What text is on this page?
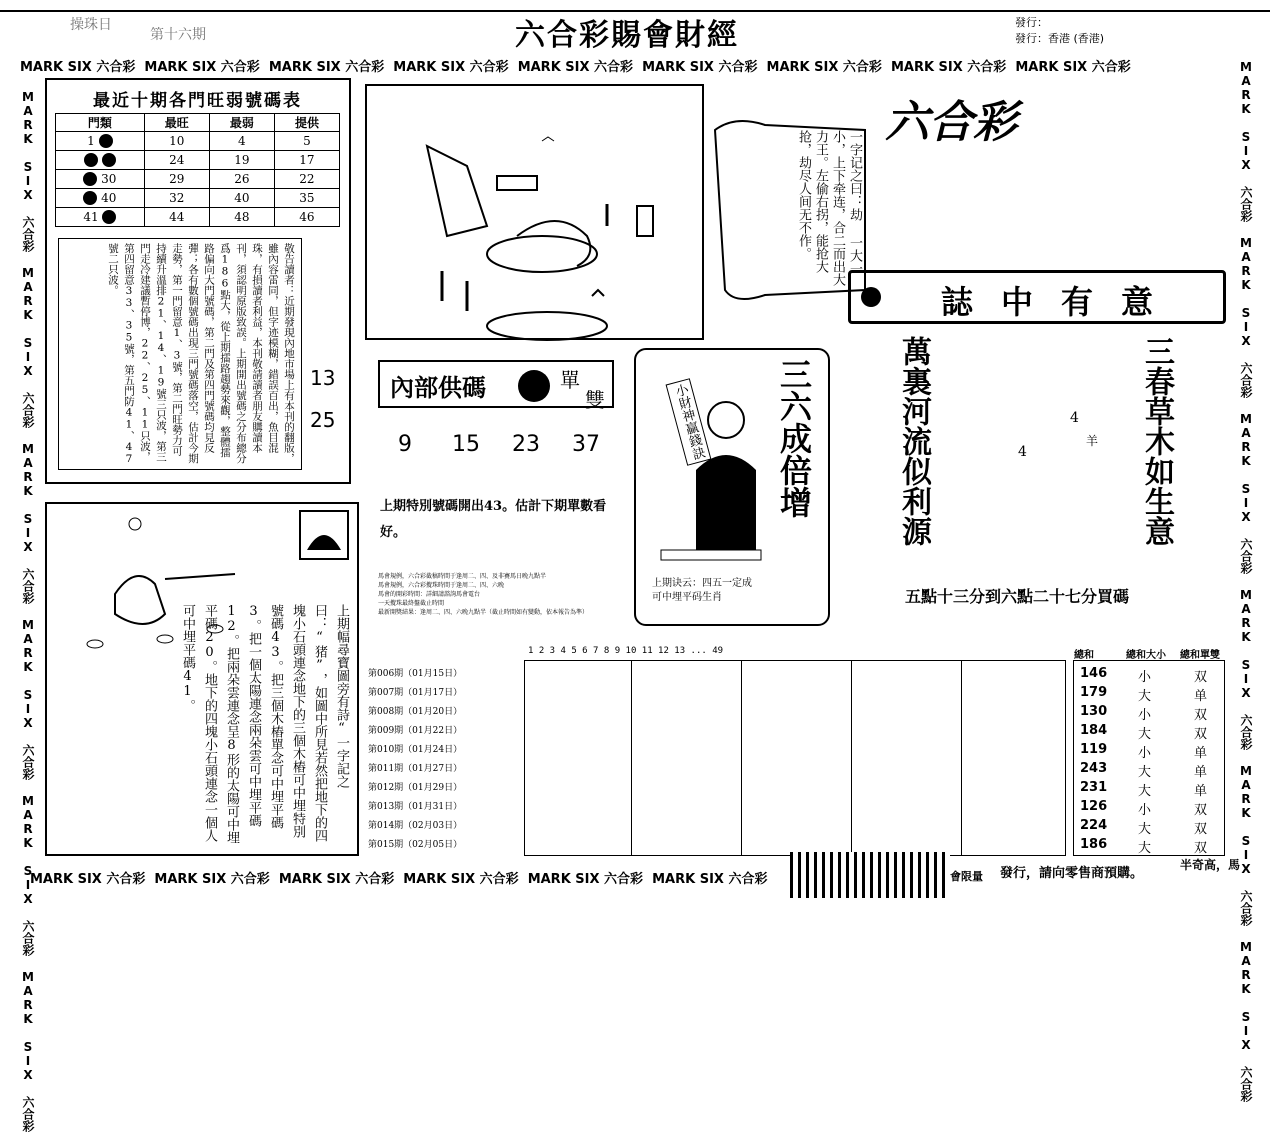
操珠日
第十六期	六合彩賜會財經	發行：
發行：香港 (香港)
MARK SIX 六合彩 MARK SIX 六合彩 MARK SIX 六合彩 MARK SIX 六合彩 MARK SIX 六合彩 MARK SIX 六合彩 MARK SIX 六合彩 MARK SIX 六合彩 MARK SIX 六合彩
MARK SIX 六合彩 MARK SIX 六合彩 MARK SIX 六合彩 MARK SIX 六合彩 MARK SIX 六合彩 MARK SIX 六合彩
MARK SIX 六合彩 MARK SIX 六合彩 MARK SIX 六合彩 MARK SIX 六合彩 MARK SIX 六合彩 MARK SIX 六合彩
MARK SIX 六合彩 MARK SIX 六合彩 MARK SIX 六合彩 MARK SIX 六合彩 MARK SIX 六合彩 MARK SIX 六合彩
最近十期各門旺弱號碼表
門類	最旺	最弱	提供
1	10	4	5
	24	19	17
30	29	26	22
40	32	40	35
41	44	48	46
敬告讀者：近期發現內地市場上有本刊的翻版，雖內容雷同，但字迹模糊，錯誤百出，魚目混珠，有損讀者利益，本刊敬請讀者朋友購讀本刊，須認明原版致誤。上期開出號碼之分布總分爲186點大，從上期擂路趨勢來觀，整體擂路偏向大門號碼，第二門及第四門號碼均見反彈；各有數個號碼出現三門號碼落空，估計今期走勢，第一門留意1、3號，第二門旺勢力可持續升溫排21、14、19號三只波，第三門走冷建議暫停博，22、25、11只波，第四留意33、35號，第五門防41、47號二只波。
13
25
一字记之曰：劫 一大一小，上下牵连，合二而出大力王。左偷右拐，能抢大抢，劫尽人间无不作。
六合彩
誌中有意
萬裏河流似利源	三春草木如生意
4
羊
4
五點十三分到六點二十七分買碼
內部供碼	單
雙
9 15 23 37
上期特別號碼開出43。估計下期單數看好。
馬會規例，六合彩截稿時間于逢周二、四、及非賽馬日晚九點半
馬會規例，六合彩攪珠時間于逢周二、四、六晚
馬會的開彩時間：詳細請諮詢馬會電台
一天攪珠最終盤截止時間
最新開獎結果：逢周二、四、六晚九點半（截止時間如有變動，依本報告為準）
三六成倍增
小財神贏錢訣
上期诀云：四五一定成
可中埋平码生肖
上期幅尋寶圖旁有詩“一字記之曰：“猪”，如圖中所見若然把地下的四塊小石頭連念地下的三個木樁可中埋特別號碼43。把三個木樁單念可中埋平碼3。把一個太陽連念兩朵雲可中埋平碼12。把兩朵雲連念呈8形的太陽可中埋平碼20。地下的四塊小石頭連念一個人可中埋平碼41。	1 2 3 4 5 6 7 8 9 10 11 12 13 ... 49	總和	總和大小 總和單雙
第006期（01月15日）	146 小	双
第007期（01月17日）	179 大	单
第008期（01月20日）	130 小	双
第009期（01月22日）	184 大	双
第010期（01月24日）	119 小	单
第011期（01月27日）	243 大	单
第012期（01月29日）	231 大	单
第013期（01月31日）	126 小	双
第014期（02月03日）	224 大	双
第015期（02月05日）	186 大	双
會限量 發行，請向零售商預購。
半奇高，馬
